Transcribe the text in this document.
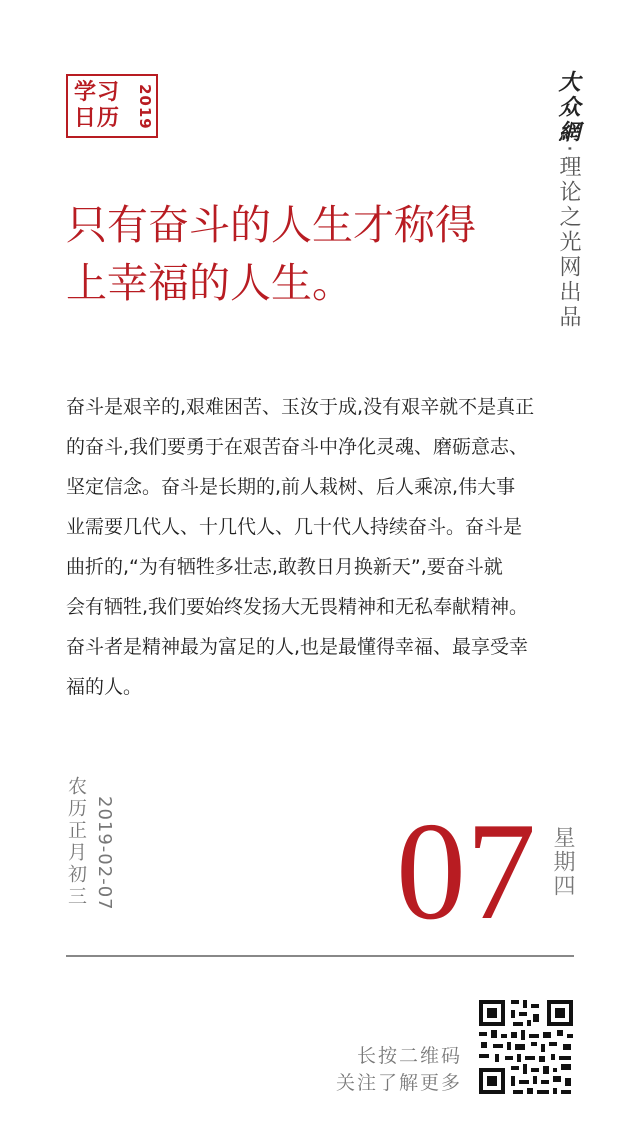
学习
日历 2019	大众網·理论之光网出品
只有奋斗的人生才称得
上幸福的人生。
奋斗是艰辛的,艰难困苦、玉汝于成,没有艰辛就不是真正
的奋斗,我们要勇于在艰苦奋斗中净化灵魂、磨砺意志、
坚定信念。奋斗是长期的,前人栽树、后人乘凉,伟大事
业需要几代人、十几代人、几十代人持续奋斗。奋斗是
曲折的,“为有牺牲多壮志,敢教日月换新天”,要奋斗就
会有牺牲,我们要始终发扬大无畏精神和无私奉献精神。
奋斗者是精神最为富足的人,也是最懂得幸福、最享受幸
福的人。
农历正月初三 2019-02-07 07 星期四
长按二维码
关注了解更多
